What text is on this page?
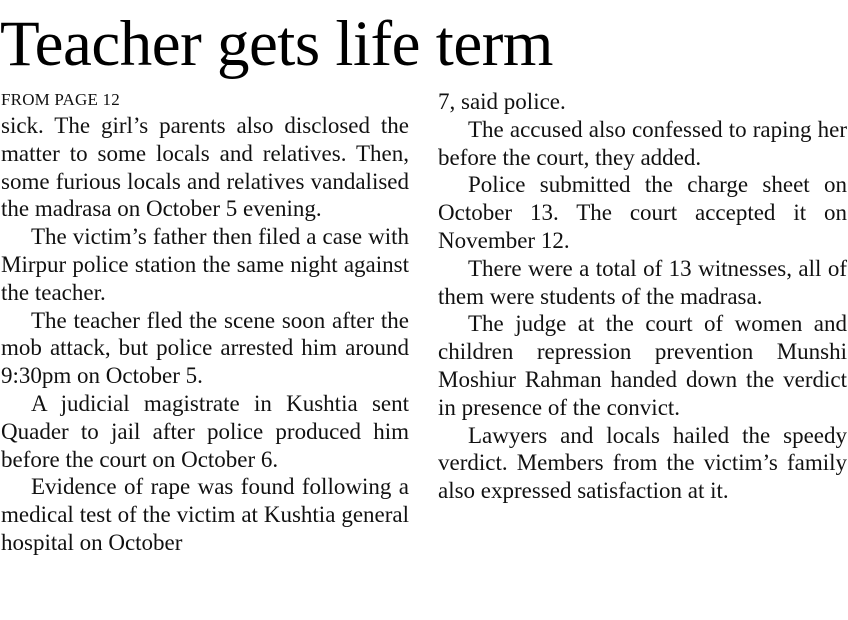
Teacher gets life term
FROM PAGE 12

sick. The girl’s parents also disclosed the matter to some locals and relatives. Then, some furious locals and relatives vandalised the madrasa on October 5 evening.

The victim’s father then filed a case with Mirpur police station the same night against the teacher.

The teacher fled the scene soon after the mob attack, but police arrested him around 9:30pm on October 5.

A judicial magistrate in Kushtia sent Quader to jail after police produced him before the court on October 6.

Evidence of rape was found following a medical test of the victim at Kushtia general hospital on October

7, said police.

The accused also confessed to raping her before the court, they added.

Police submitted the charge sheet on October 13. The court accepted it on November 12.

There were a total of 13 witnesses, all of them were students of the madrasa.

The judge at the court of women and children repression prevention Munshi Moshiur Rahman handed down the verdict in presence of the convict.

Lawyers and locals hailed the speedy verdict. Members from the victim’s family also expressed satisfaction at it.
